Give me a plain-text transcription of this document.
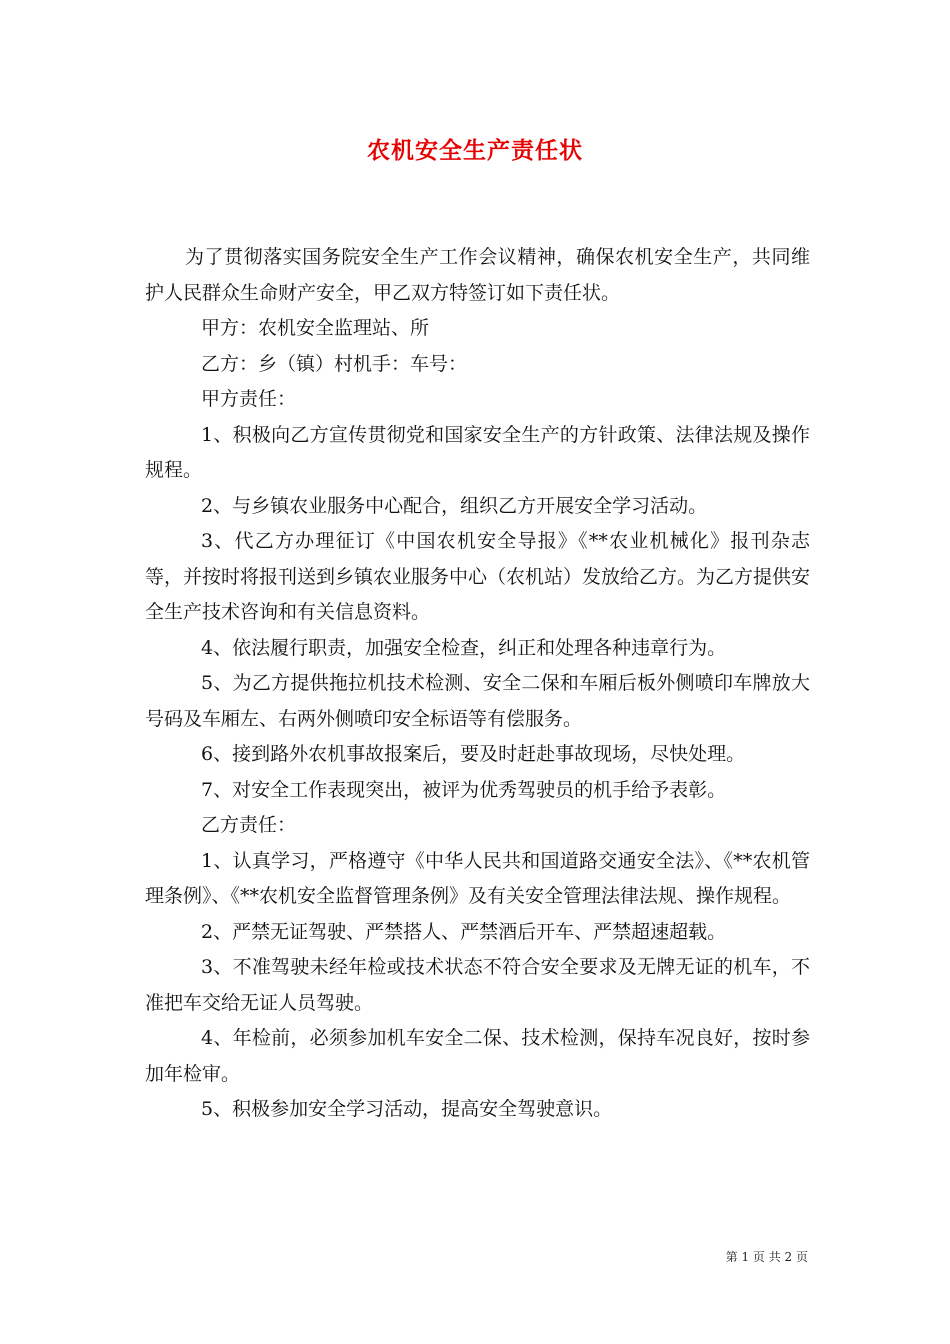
农机安全生产责任状

为了贯彻落实国务院安全生产工作会议精神，确保农机安全生产，共同维护人民群众生命财产安全，甲乙双方特签订如下责任状。

甲方：农机安全监理站、所

乙方：乡（镇）村机手：车号：

甲方责任：

1、积极向乙方宣传贯彻党和国家安全生产的方针政策、法律法规及操作规程。

2、与乡镇农业服务中心配合，组织乙方开展安全学习活动。

3、代乙方办理征订《中国农机安全导报》《**农业机械化》报刊杂志等，并按时将报刊送到乡镇农业服务中心（农机站）发放给乙方。为乙方提供安全生产技术咨询和有关信息资料。

4、依法履行职责，加强安全检查，纠正和处理各种违章行为。

5、为乙方提供拖拉机技术检测、安全二保和车厢后板外侧喷印车牌放大号码及车厢左、右两外侧喷印安全标语等有偿服务。

6、接到路外农机事故报案后，要及时赶赴事故现场，尽快处理。

7、对安全工作表现突出，被评为优秀驾驶员的机手给予表彰。

乙方责任：

1、认真学习，严格遵守《中华人民共和国道路交通安全法》、《**农机管理条例》、《**农机安全监督管理条例》及有关安全管理法律法规、操作规程。

2、严禁无证驾驶、严禁搭人、严禁酒后开车、严禁超速超载。

3、不准驾驶未经年检或技术状态不符合安全要求及无牌无证的机车，不准把车交给无证人员驾驶。

4、年检前，必须参加机车安全二保、技术检测，保持车况良好，按时参加年检审。

5、积极参加安全学习活动，提高安全驾驶意识。

第 1 页 共 2 页
